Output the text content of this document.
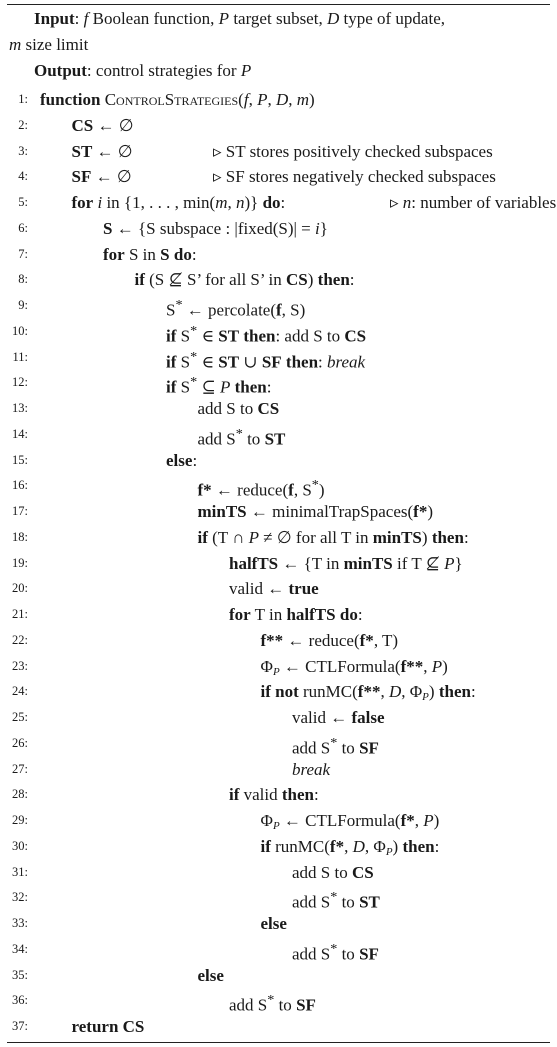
Input: f Boolean function, P target subset, D type of update,
m size limit
Output: control strategies for P
1: function ControlStrategies(f, P, D, m)
2:	CS ← ∅
3:	ST ← ∅	▹ ST stores positively checked subspaces
4:	SF ← ∅	▹ SF stores negatively checked subspaces
5:	for i in {1, . . . , min(m, n)} do:	▹ n: number of variables
6:	S ← {S subspace : |fixed(S)| = i}
7:	for S in S do:
8:	if (S ⊈ S’ for all S’ in CS) then:
9:	S* ← percolate(f, S)
10:	if S* ∈ ST then: add S to CS
11:	if S* ∈ ST ∪ SF then: break
12:	if S* ⊆ P then:
13:	add S to CS
14:	add S* to ST
15:	else:
16:	f* ← reduce(f, S*)
17:	minTS ← minimalTrapSpaces(f*)
18:	if (T ∩ P ≠ ∅ for all T in minTS) then:
19:	halfTS ← {T in minTS if T ⊈ P}
20:	valid ← true
21:	for T in halfTS do:
22:	f** ← reduce(f*, T)
23:	$\Phi_P$ ← CTLFormula(f**, P)
24:	if not runMC(f**, D, $\Phi_P$) then:
25:	valid ← false
26:	add S* to SF
27:	break
28:	if valid then:
29:	$\Phi_P$ ← CTLFormula(f*, P)
30:	if runMC(f*, D, $\Phi_P$) then:
31:	add S to CS
32:	add S* to ST
33:	else
34:	add S* to SF
35:	else
36:	add S* to SF
37:	return CS
